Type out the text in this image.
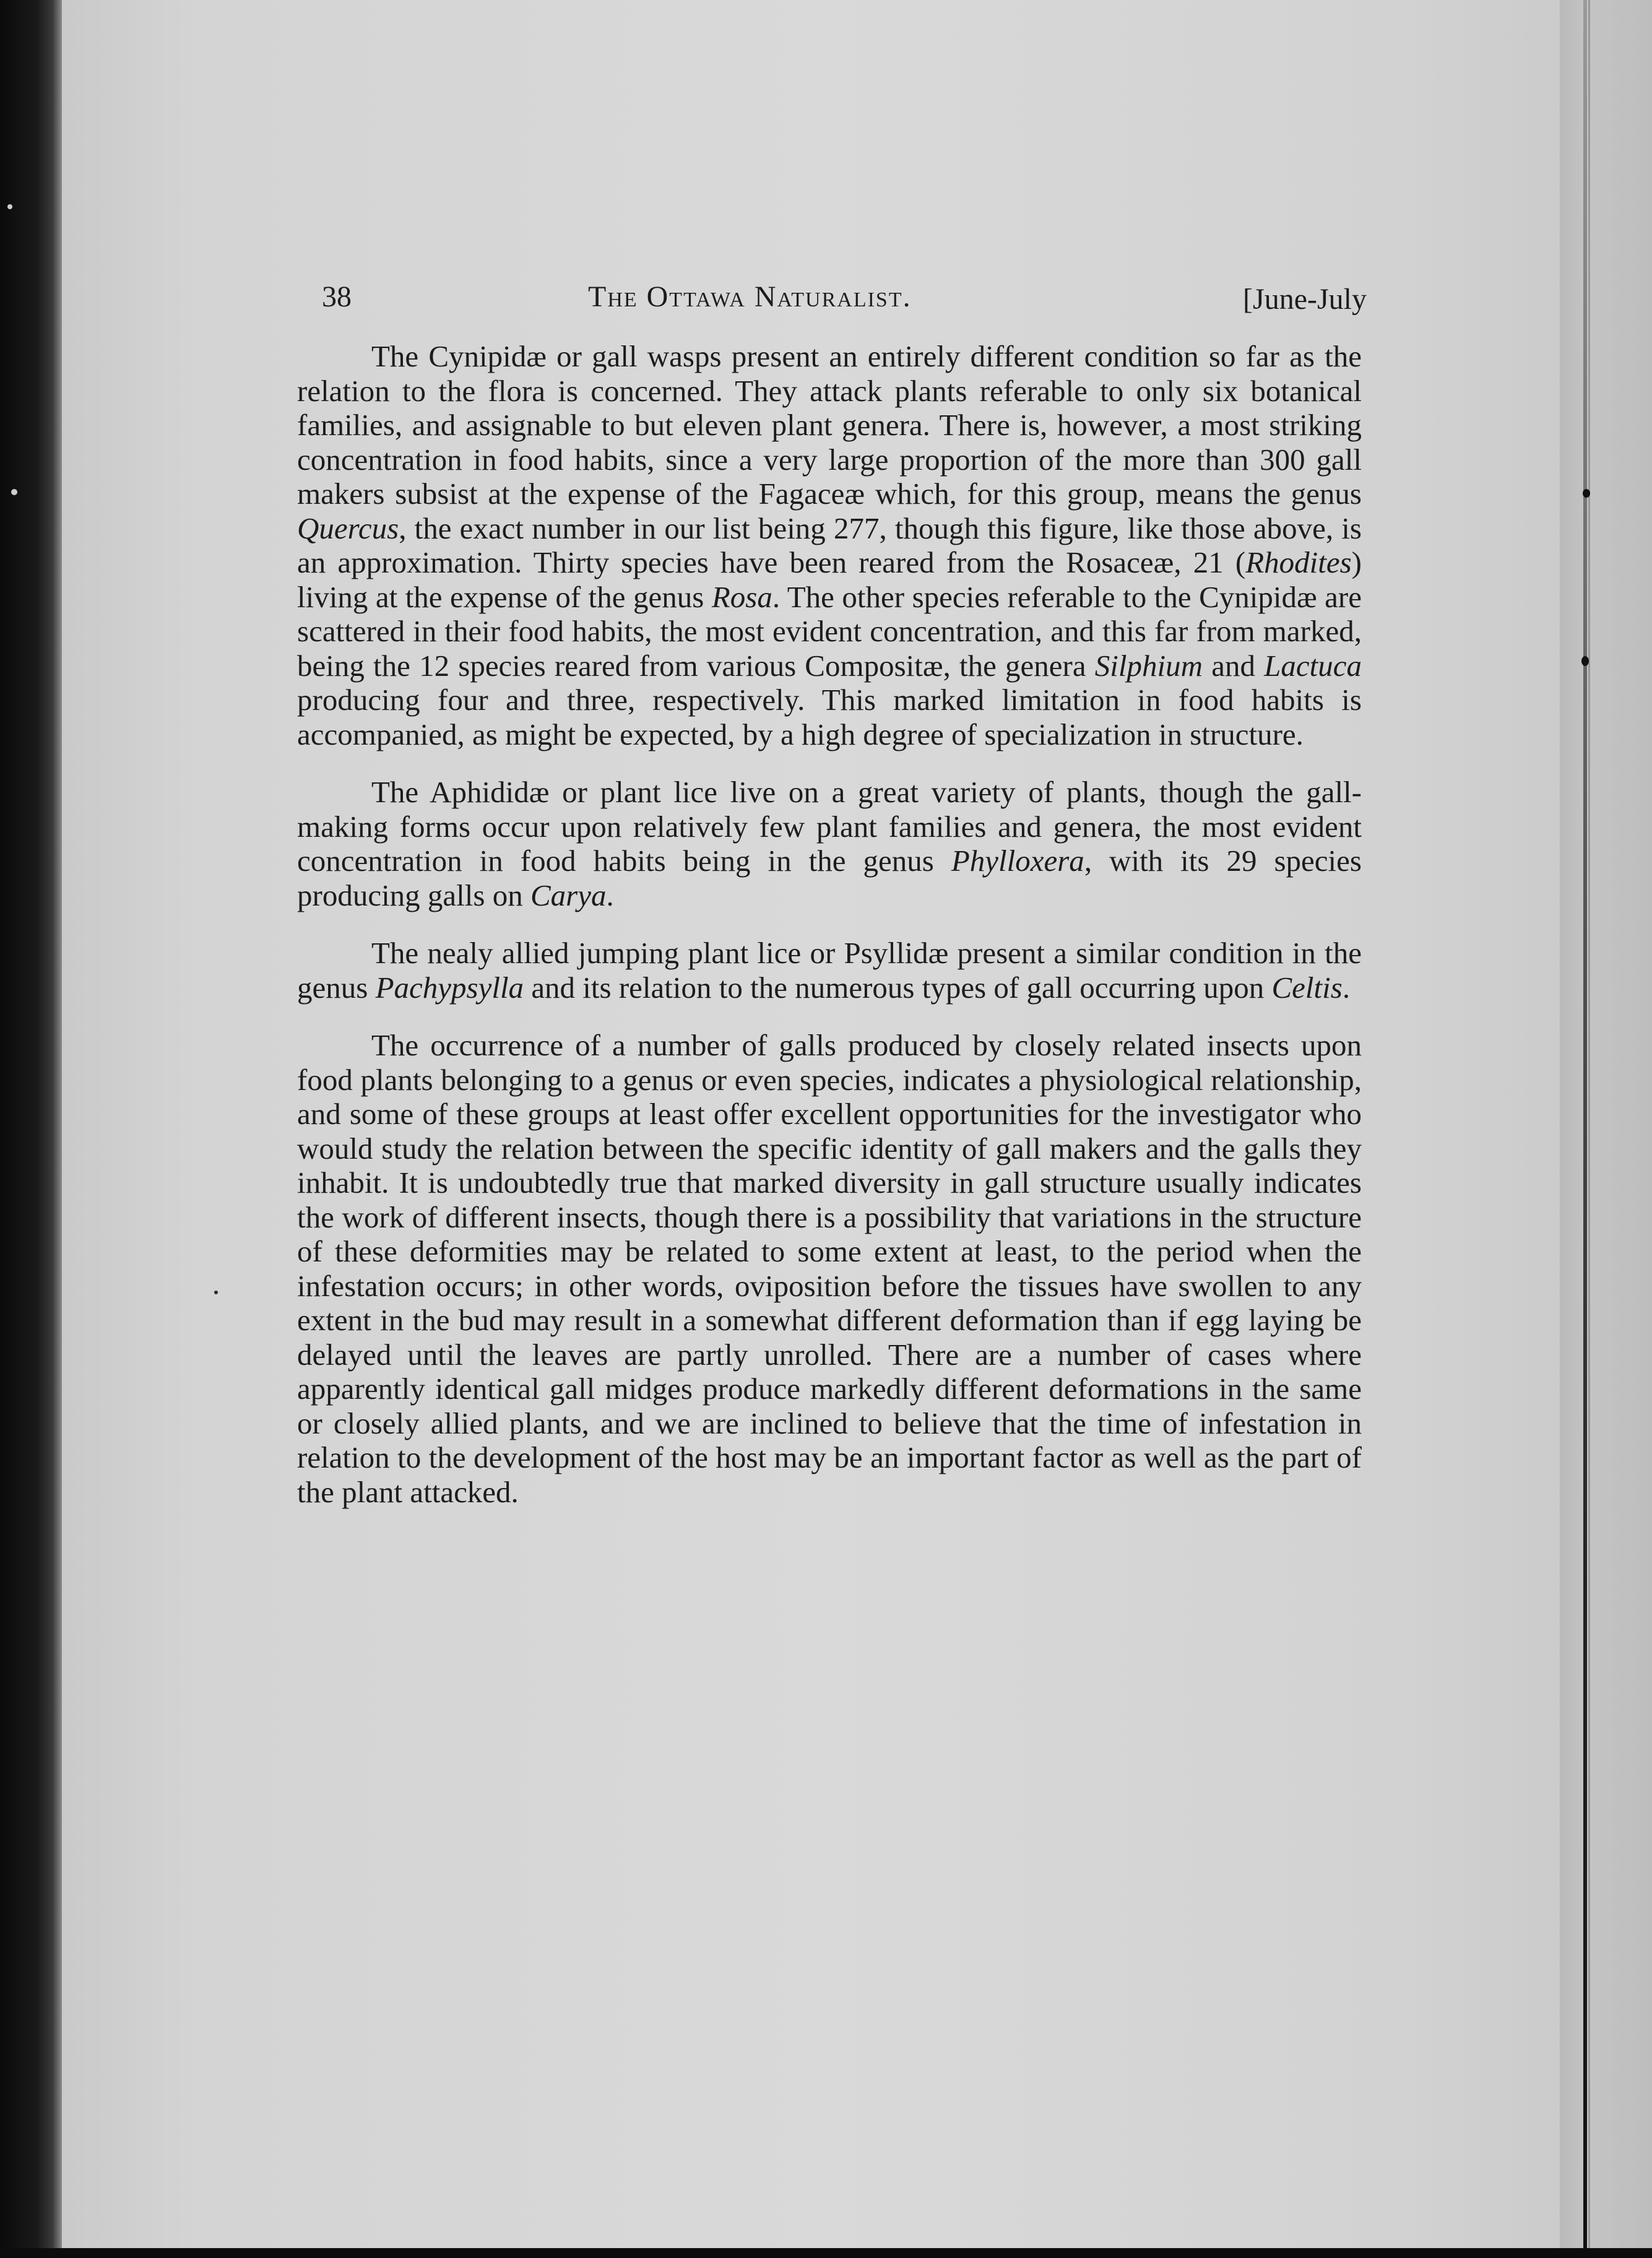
38	The Ottawa Naturalist.	[June-July

The Cynipidæ or gall wasps present an entirely different condition so far as the relation to the flora is concerned. They attack plants referable to only six botanical families, and assignable to but eleven plant genera. There is, however, a most striking concentration in food habits, since a very large proportion of the more than 300 gall makers subsist at the expense of the Fagaceæ which, for this group, means the genus Quercus, the exact number in our list being 277, though this figure, like those above, is an approximation. Thirty species have been reared from the Rosaceæ, 21 (Rhodites) living at the expense of the genus Rosa. The other species referable to the Cynipidæ are scattered in their food habits, the most evident concentration, and this far from marked, being the 12 species reared from various Compositæ, the genera Silphium and Lactuca producing four and three, respectively. This marked limitation in food habits is accompanied, as might be expected, by a high degree of specialization in structure.

The Aphididæ or plant lice live on a great variety of plants, though the gall-making forms occur upon relatively few plant families and genera, the most evident concentration in food habits being in the genus Phylloxera, with its 29 species producing galls on Carya.

The nealy allied jumping plant lice or Psyllidæ present a similar condition in the genus Pachypsylla and its relation to the numerous types of gall occurring upon Celtis.

The occurrence of a number of galls produced by closely related insects upon food plants belonging to a genus or even species, indicates a physiological relationship, and some of these groups at least offer excellent opportunities for the investigator who would study the relation between the specific identity of gall makers and the galls they inhabit. It is undoubtedly true that marked diversity in gall structure usually indicates the work of different insects, though there is a possibility that variations in the structure of these deformities may be related to some extent at least, to the period when the infestation occurs; in other words, oviposition before the tissues have swollen to any extent in the bud may result in a somewhat different deformation than if egg laying be delayed until the leaves are partly unrolled. There are a number of cases where apparently identical gall midges produce markedly different deformations in the same or closely allied plants, and we are inclined to believe that the time of infestation in relation to the development of the host may be an important factor as well as the part of the plant attacked.
